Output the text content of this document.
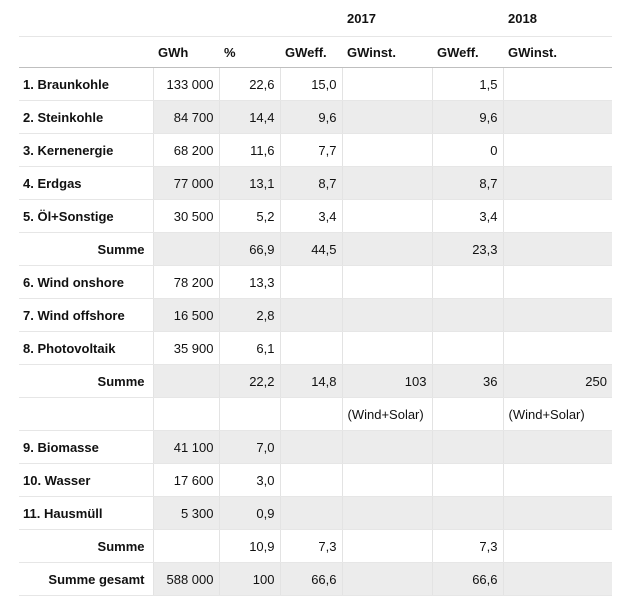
				2017		2018
	GWh	%	GWeff.	GWinst.	GWeff.	GWinst.
1. Braunkohle	133 000	22,6	15,0		1,5	
2. Steinkohle	84 700	14,4	9,6		9,6	
3. Kernenergie	68 200	11,6	7,7		0	
4. Erdgas	77 000	13,1	8,7		8,7	
5. Öl+Sonstige	30 500	5,2	3,4		3,4	
Summe		66,9	44,5		23,3	
6. Wind onshore	78 200	13,3				
7. Wind offshore	16 500	2,8				
8. Photovoltaik	35 900	6,1				
Summe		22,2	14,8	103	36	250
				(Wind+Solar)		(Wind+Solar)
9. Biomasse	41 100	7,0				
10. Wasser	17 600	3,0				
11. Hausmüll	5 300	0,9				
Summe		10,9	7,3		7,3	
Summe gesamt	588 000	100	66,6		66,6	
